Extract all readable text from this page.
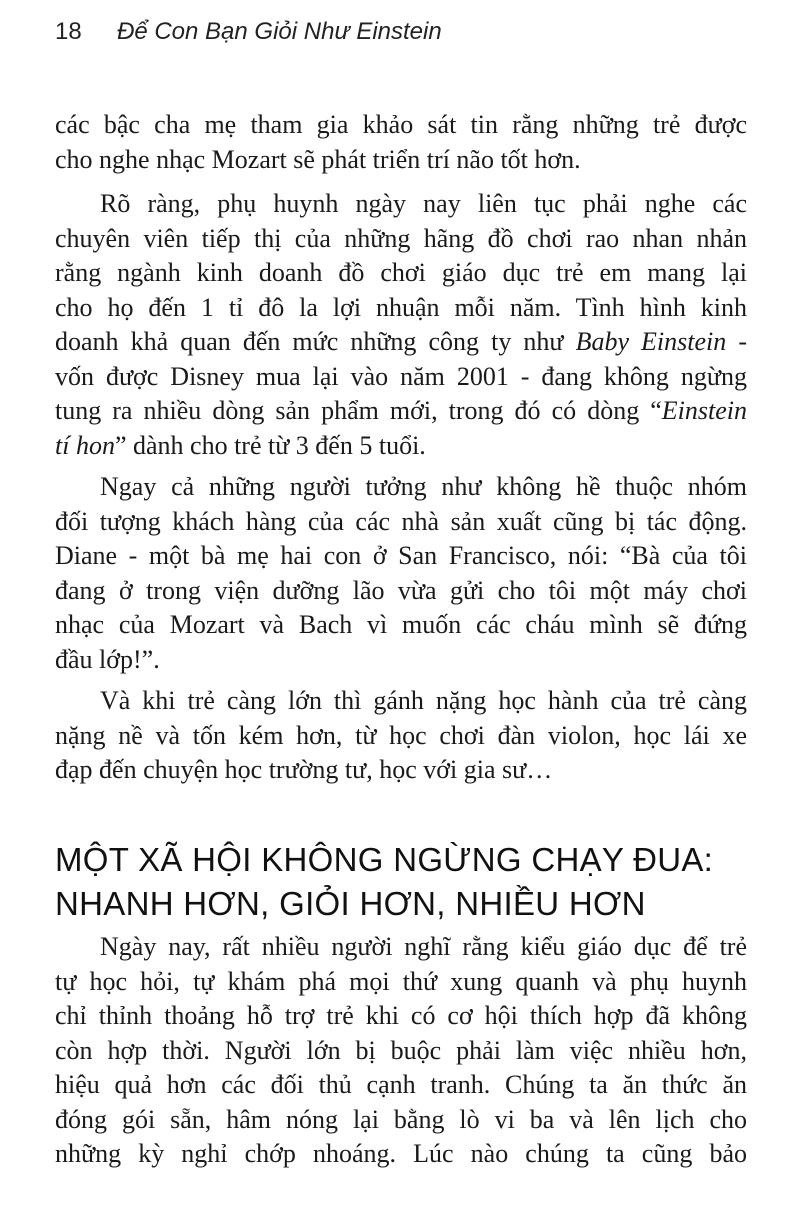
18 Để Con Bạn Giỏi Như Einstein

các bậc cha mẹ tham gia khảo sát tin rằng những trẻ được
cho nghe nhạc Mozart sẽ phát triển trí não tốt hơn.

Rõ ràng, phụ huynh ngày nay liên tục phải nghe các
chuyên viên tiếp thị của những hãng đồ chơi rao nhan nhản
rằng ngành kinh doanh đồ chơi giáo dục trẻ em mang lại
cho họ đến 1 tỉ đô la lợi nhuận mỗi năm. Tình hình kinh
doanh khả quan đến mức những công ty như Baby Einstein -
vốn được Disney mua lại vào năm 2001 - đang không ngừng
tung ra nhiều dòng sản phẩm mới, trong đó có dòng “Einstein
tí hon” dành cho trẻ từ 3 đến 5 tuổi.

Ngay cả những người tưởng như không hề thuộc nhóm
đối tượng khách hàng của các nhà sản xuất cũng bị tác động.
Diane - một bà mẹ hai con ở San Francisco, nói: “Bà của tôi
đang ở trong viện dưỡng lão vừa gửi cho tôi một máy chơi
nhạc của Mozart và Bach vì muốn các cháu mình sẽ đứng
đầu lớp!”.

Và khi trẻ càng lớn thì gánh nặng học hành của trẻ càng
nặng nề và tốn kém hơn, từ học chơi đàn violon, học lái xe
đạp đến chuyện học trường tư, học với gia sư…

MỘT XÃ HỘI KHÔNG NGỪNG CHẠY ĐUA:
NHANH HƠN, GIỎI HƠN, NHIỀU HƠN

Ngày nay, rất nhiều người nghĩ rằng kiểu giáo dục để trẻ
tự học hỏi, tự khám phá mọi thứ xung quanh và phụ huynh
chỉ thỉnh thoảng hỗ trợ trẻ khi có cơ hội thích hợp đã không
còn hợp thời. Người lớn bị buộc phải làm việc nhiều hơn,
hiệu quả hơn các đối thủ cạnh tranh. Chúng ta ăn thức ăn
đóng gói sẵn, hâm nóng lại bằng lò vi ba và lên lịch cho
những kỳ nghỉ chớp nhoáng. Lúc nào chúng ta cũng bảo
